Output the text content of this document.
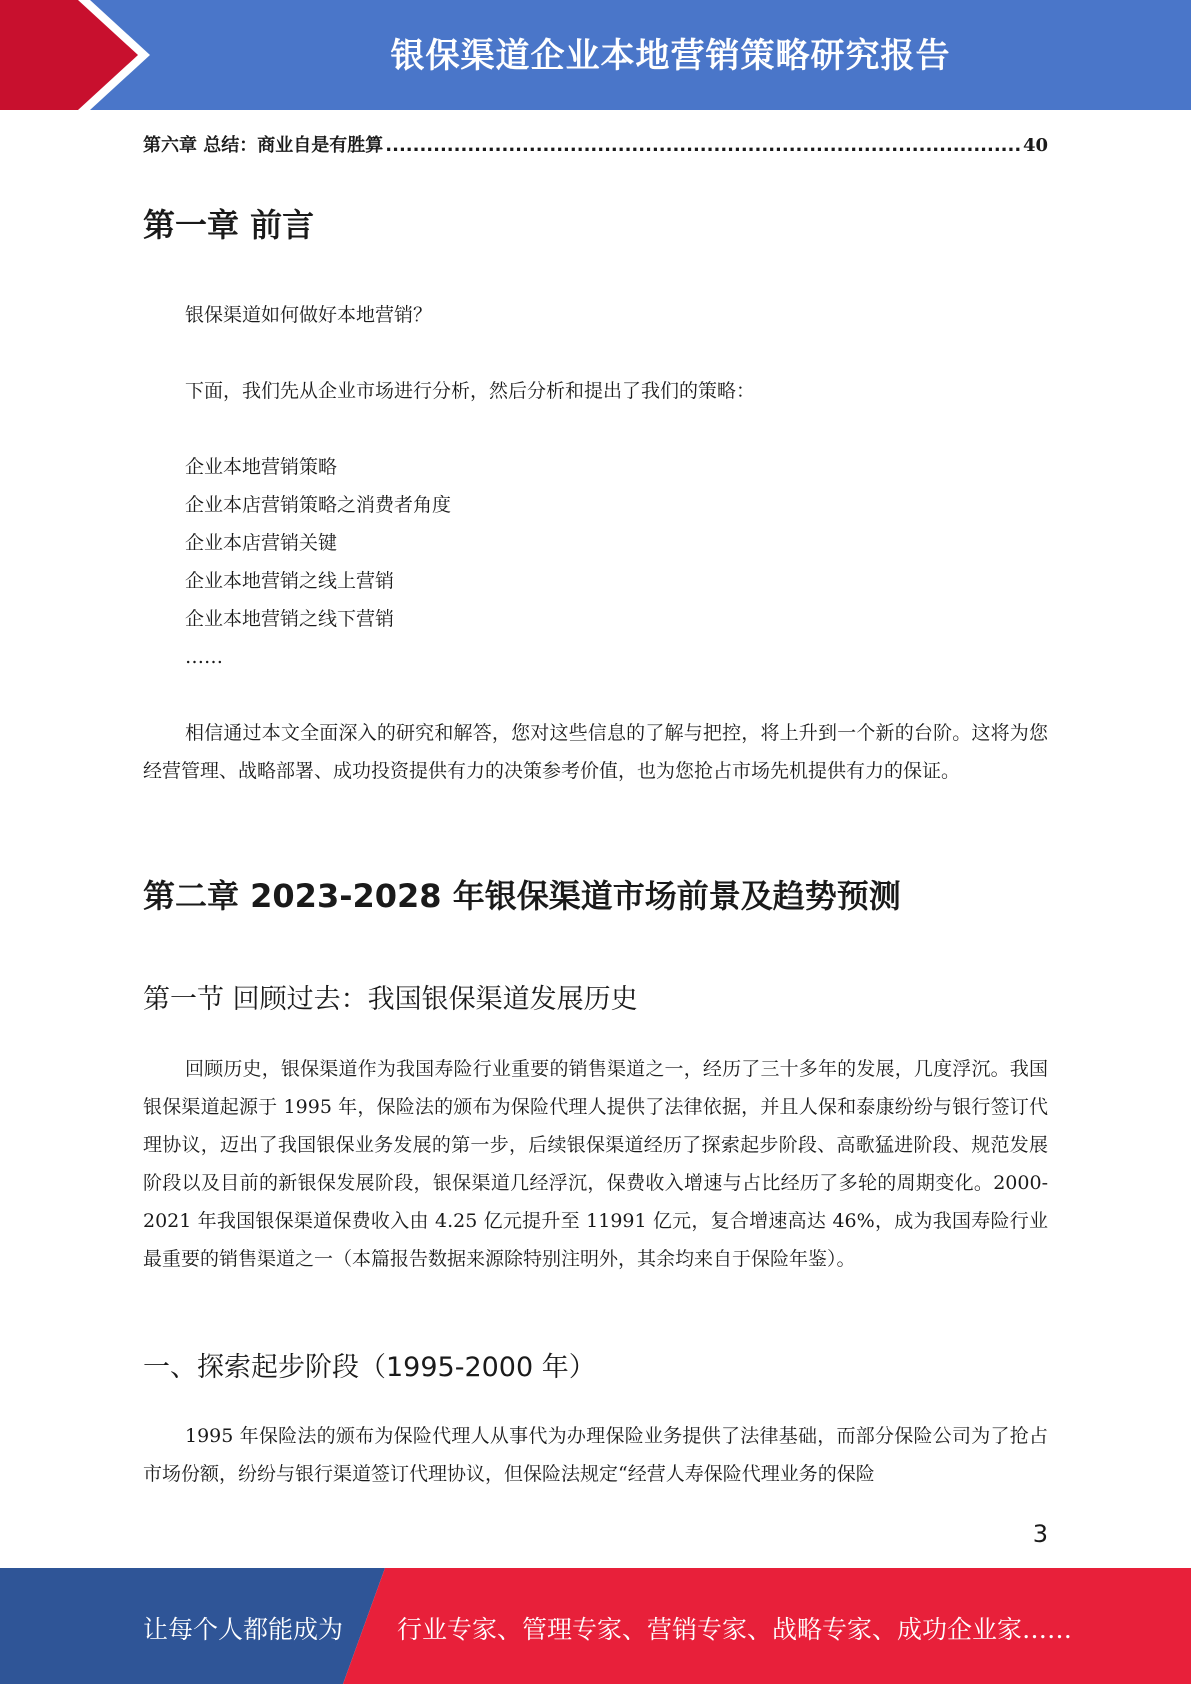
银保渠道企业本地营销策略研究报告
第六章 总结：商业自是有胜算
.....	40
第一章 前言

银保渠道如何做好本地营销？

下面，我们先从企业市场进行分析，然后分析和提出了我们的策略：

企业本地营销策略
企业本店营销策略之消费者角度
企业本店营销关键
企业本地营销之线上营销
企业本地营销之线下营销
……

相信通过本文全面深入的研究和解答，您对这些信息的了解与把控，将上升到一个新的台阶。这将为您经营管理、战略部署、成功投资提供有力的决策参考价值，也为您抢占市场先机提供有力的保证。

第二章 2023-2028 年银保渠道市场前景及趋势预测
第一节 回顾过去：我国银保渠道发展历史

回顾历史，银保渠道作为我国寿险行业重要的销售渠道之一，经历了三十多年的发展，几度浮沉。我国银保渠道起源于 1995 年，保险法的颁布为保险代理人提供了法律依据，并且人保和泰康纷纷与银行签订代理协议，迈出了我国银保业务发展的第一步，后续银保渠道经历了探索起步阶段、高歌猛进阶段、规范发展阶段以及目前的新银保发展阶段，银保渠道几经浮沉，保费收入增速与占比经历了多轮的周期变化。2000-2021 年我国银保渠道保费收入由 4.25 亿元提升至 11991 亿元，复合增速高达 46%，成为我国寿险行业最重要的销售渠道之一（本篇报告数据来源除特别注明外，其余均来自于保险年鉴）。

一、探索起步阶段（1995-2000 年）

1995 年保险法的颁布为保险代理人从事代为办理保险业务提供了法律基础，而部分保险公司为了抢占市场份额，纷纷与银行渠道签订代理协议，但保险法规定“经营人寿保险代理业务的保险

3
让每个人都能成为 行业专家、管理专家、营销专家、战略专家、成功企业家……
